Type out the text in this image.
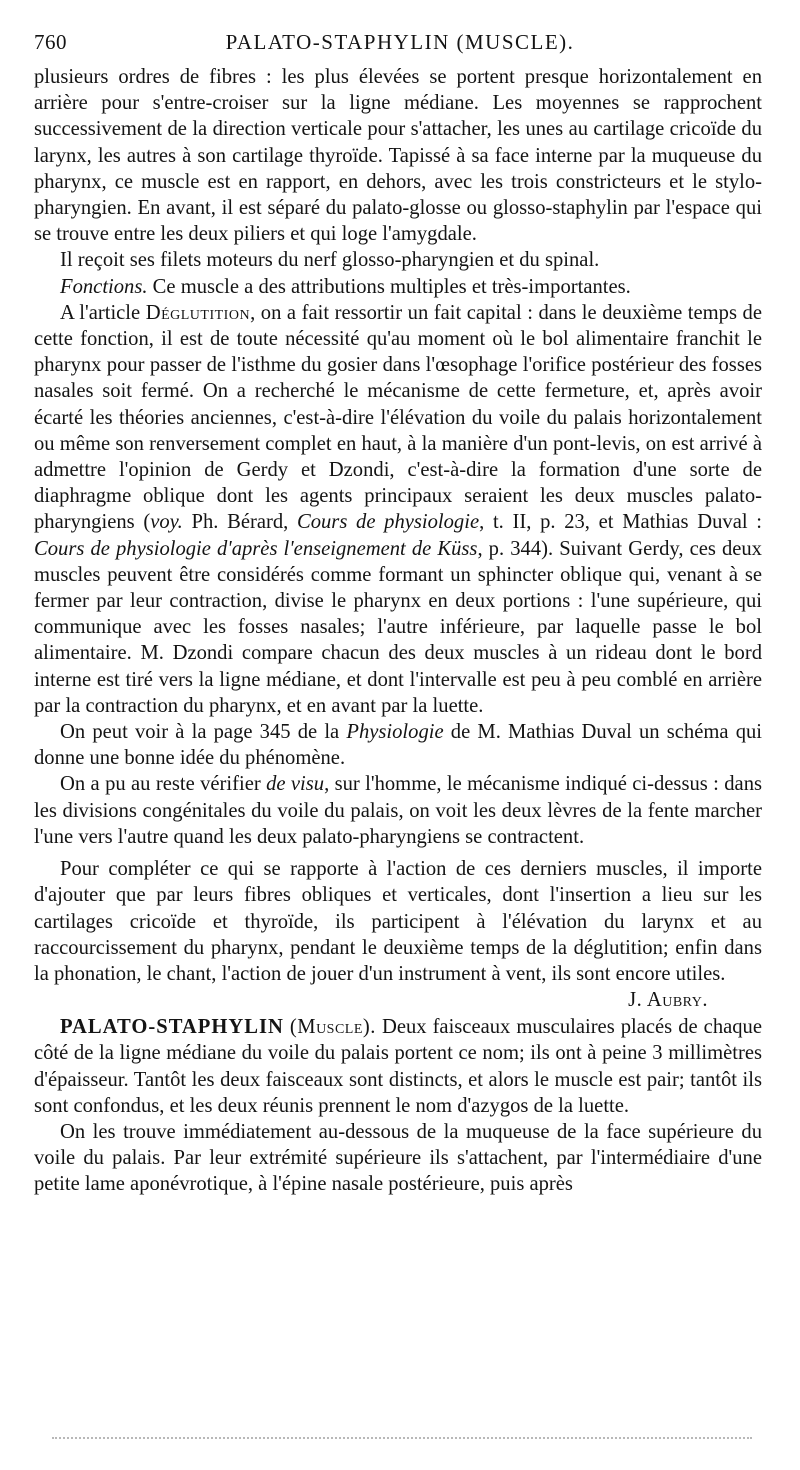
760	PALATO-STAPHYLIN (MUSCLE).

plusieurs ordres de fibres : les plus élevées se portent presque horizontalement en arrière pour s'entre-croiser sur la ligne médiane. Les moyennes se rapprochent successivement de la direction verticale pour s'attacher, les unes au cartilage cricoïde du larynx, les autres à son cartilage thyroïde. Tapissé à sa face interne par la muqueuse du pharynx, ce muscle est en rapport, en dehors, avec les trois constricteurs et le stylo-pharyngien. En avant, il est séparé du palato-glosse ou glosso-staphylin par l'espace qui se trouve entre les deux piliers et qui loge l'amygdale.

Il reçoit ses filets moteurs du nerf glosso-pharyngien et du spinal.

Fonctions. Ce muscle a des attributions multiples et très-importantes.

A l'article Déglutition, on a fait ressortir un fait capital : dans le deuxième temps de cette fonction, il est de toute nécessité qu'au moment où le bol alimentaire franchit le pharynx pour passer de l'isthme du gosier dans l'œsophage l'orifice postérieur des fosses nasales soit fermé. On a recherché le mécanisme de cette fermeture, et, après avoir écarté les théories anciennes, c'est-à-dire l'élévation du voile du palais horizontalement ou même son renversement complet en haut, à la manière d'un pont-levis, on est arrivé à admettre l'opinion de Gerdy et Dzondi, c'est-à-dire la formation d'une sorte de diaphragme oblique dont les agents principaux seraient les deux muscles palato-pharyngiens (voy. Ph. Bérard, Cours de physiologie, t. II, p. 23, et Mathias Duval : Cours de physiologie d'après l'enseignement de Küss, p. 344). Suivant Gerdy, ces deux muscles peuvent être considérés comme formant un sphincter oblique qui, venant à se fermer par leur contraction, divise le pharynx en deux portions : l'une supérieure, qui communique avec les fosses nasales; l'autre inférieure, par laquelle passe le bol alimentaire. M. Dzondi compare chacun des deux muscles à un rideau dont le bord interne est tiré vers la ligne médiane, et dont l'intervalle est peu à peu comblé en arrière par la contraction du pharynx, et en avant par la luette.

On peut voir à la page 345 de la Physiologie de M. Mathias Duval un schéma qui donne une bonne idée du phénomène.

On a pu au reste vérifier de visu, sur l'homme, le mécanisme indiqué ci-dessus : dans les divisions congénitales du voile du palais, on voit les deux lèvres de la fente marcher l'une vers l'autre quand les deux palato-pharyngiens se contractent.

Pour compléter ce qui se rapporte à l'action de ces derniers muscles, il importe d'ajouter que par leurs fibres obliques et verticales, dont l'insertion a lieu sur les cartilages cricoïde et thyroïde, ils participent à l'élévation du larynx et au raccourcissement du pharynx, pendant le deuxième temps de la déglutition; enfin dans la phonation, le chant, l'action de jouer d'un instrument à vent, ils sont encore utiles.
J. Aubry.

PALATO-STAPHYLIN (Muscle). Deux faisceaux musculaires placés de chaque côté de la ligne médiane du voile du palais portent ce nom; ils ont à peine 3 millimètres d'épaisseur. Tantôt les deux faisceaux sont distincts, et alors le muscle est pair; tantôt ils sont confondus, et les deux réunis prennent le nom d'azygos de la luette.

On les trouve immédiatement au-dessous de la muqueuse de la face supérieure du voile du palais. Par leur extrémité supérieure ils s'attachent, par l'intermédiaire d'une petite lame aponévrotique, à l'épine nasale postérieure, puis après
